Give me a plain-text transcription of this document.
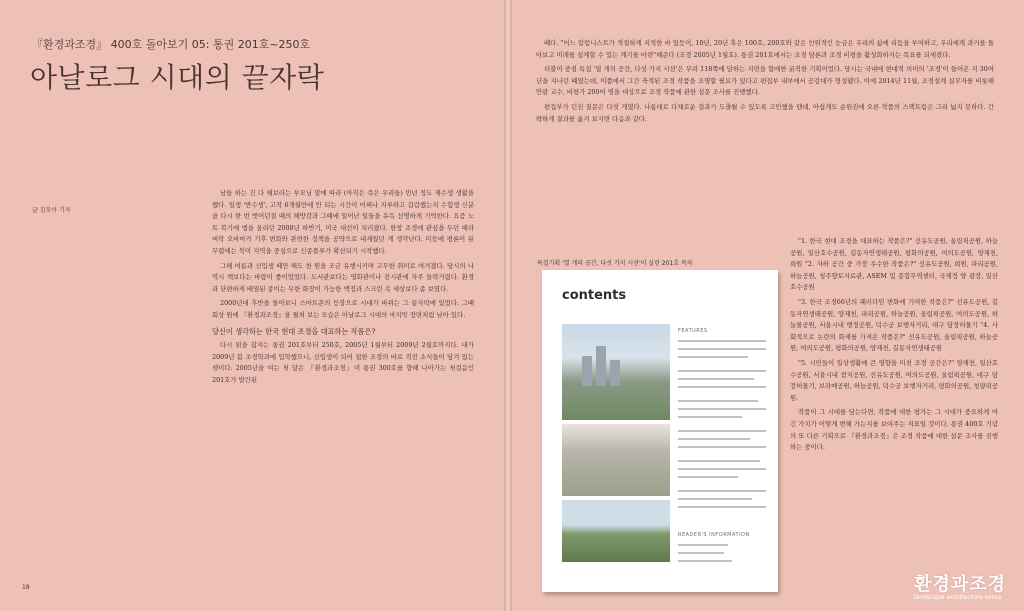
『환경과조경』 400호 돌아보기 05: 통권 201호~250호
아날로그 시대의 끝자락
글 김모아 기자

남들 하는 건 다 해보라는 부모님 말에 따라 (아직은 즉은 우리들) 빈넌 정도 재수생 생활을 했다. 일생 '반수생', 고작 6개월만에 안 되는 시간이 어쩌나 지루하고 갑갑했는지 수험생 신분을 다시 한 번 벗어던질 때의 해방감과 그때에 일어난 일들을 유독 선명하게 기억한다. 요즘 노트 복기에 엠을 올리던 2008년 하반기, 미국 대선이 치러졌다. 한창 조경에 관심을 두던 때라 버락 오바마가 기후 변화와 관련한 정책을 공약으로 내세웠던 게 생각난다. 미등에 평론이 된 무렵에는 북미 지역을 중심으로 신종플루가 확산되기 시작했다.

그해 여름과 신입생 때만 해도 천 원을 조금 유행시키며 고무한 취미로 여겨졌다. 당시의 나 역시 책보다는 바람이 좋이었었다. 도서관보다는 영화관이나 전시관에 자주 들락거렸다. 환경과 단편하게 배열된 종이는 무한 화장이 가능한 액정과 스크린 속 세상보다 좀 보였다.

2000년대 후반을 돌아보니 스마트폰의 등장으로 시대가 바뀌는 그 끝자락에 있었다. 그때 회상 원에 『환경과조경』을 펼쳐 보는 모습은 아날로그 시대의 마지막 장면처럼 남아 있다.

당신이 생각하는 한국 현대 조경을 대표하는 작품은?

다시 읽을 잡지는 통권 201호부터 250호, 2005년 1월부터 2009년 2월호까지다. 내가 2009년 봄 조경학과에 입학했으니, 신입생이 되어 접한 조경의 바로 직전 소식들이 담겨 있는 셈이다. 2005년을 여는 첫 달은 『환경과조경』이 통권 300호를 향해 나아가는 첫걸음인 201호가 발간된

18

때다. "어느 칼럼니스트가 적절하게 지적한 바 있듯이, 10년, 20년 혹은 100호, 200호와 같은 인위적인 눈금은 우리의 삶에 리듬을 부여하고, 우리에게 과거를 돌아보고 미래를 설계할 수 있는 계기를 마련"해준다 (조경 2005년 1월호). 통권 201호에서는 조경 담론과 조경 비평을 활성화하자는 목표를 되새겼다.

더불어 중점 특집 '열 개의 공간, 다섯 가지 시선'은 무려 118쪽에 달하는 지면을 할애한 굵직한 기획이었다. 당시는 국내에 현대적 의미의 '조경'이 들어온 지 30여 년을 지나던 때였는데, 이쯤에서 그간 축적된 조경 작품을 조명할 필요가 있다고 편집부 내부에서 공감대가 형성됐다. 이에 2014년 11월, 조경설계 실무자를 비롯해 안팎 교수, 비평가 200여 명을 대상으로 조경 작품에 관한 설문 조사를 진행했다.

편집부가 던진 질문은 다섯 개였다. 나름대로 다채로운 결과가 도출될 수 있도록 고민했을 텐데, 아쉽게도 순위권에 오른 작품의 스펙트럼은 그리 넓지 못하다. 간략하게 결과를 옮겨 보자면 다음과 같다.

특집기획 '열 개의 공간, 다섯 가지 시선'이 실린 201호 목차
contents
FEATURES
READER'S INFORMATION

"1. 한국 현대 조경을 대표하는 작품은?" 선유도공원, 올림픽공원, 하늘공원, 일산호수공원, 길동자연생태공원, 평화의공원, 여의도공원, 양재천, 희원 "2. 자하 공간 중 가장 우수한 작품은?" 선유도공원, 희원, 파리공원, 하늘공원, 청주향토자료관, ASEM 및 종합무역센터, 국제정 양 광장, 일산호수공원

"3. 한국 조경66년의 패러다임 변화에 기여한 작품은?" 선유도공원, 길동자연생태공원, 양재천, 파리공원, 하늘공원, 올림픽공원, 여의도공원, 하늘물공원, 서울시내 행정공원, 덕수궁 보행자거리, 대구 담장허물기 "4. 사회적으로 논란의 화제를 가져온 작품은?" 선유도공원, 올림픽공원, 하늘공원, 여의도공원, 평화의공원, 양재천, 길동자연생태공원

"5. 시민들이 일상생활에 큰 영향을 미친 조경 공간은?" 양재천, 일산호수공원, 서울시내 쌈지공원, 선유도공원, 여의도공원, 올림픽공원, 대구 담장허물기, 보라매공원, 하늘공원, 덕수궁 보행자거리, 평화의공원, 청량리공원.

작품이 그 시대를 담는다면, 작품에 대한 평가는 그 시대가 중요하게 여긴 가치가 어떻게 변해 가는지를 보여주는 지표일 것이다. 통권 400호 기념의 또 다른 기획으로 『환경과조경』은 조경 작품에 대한 설문 조사를 진행하는 중이다.

환경과조경
landscape architecture korea
